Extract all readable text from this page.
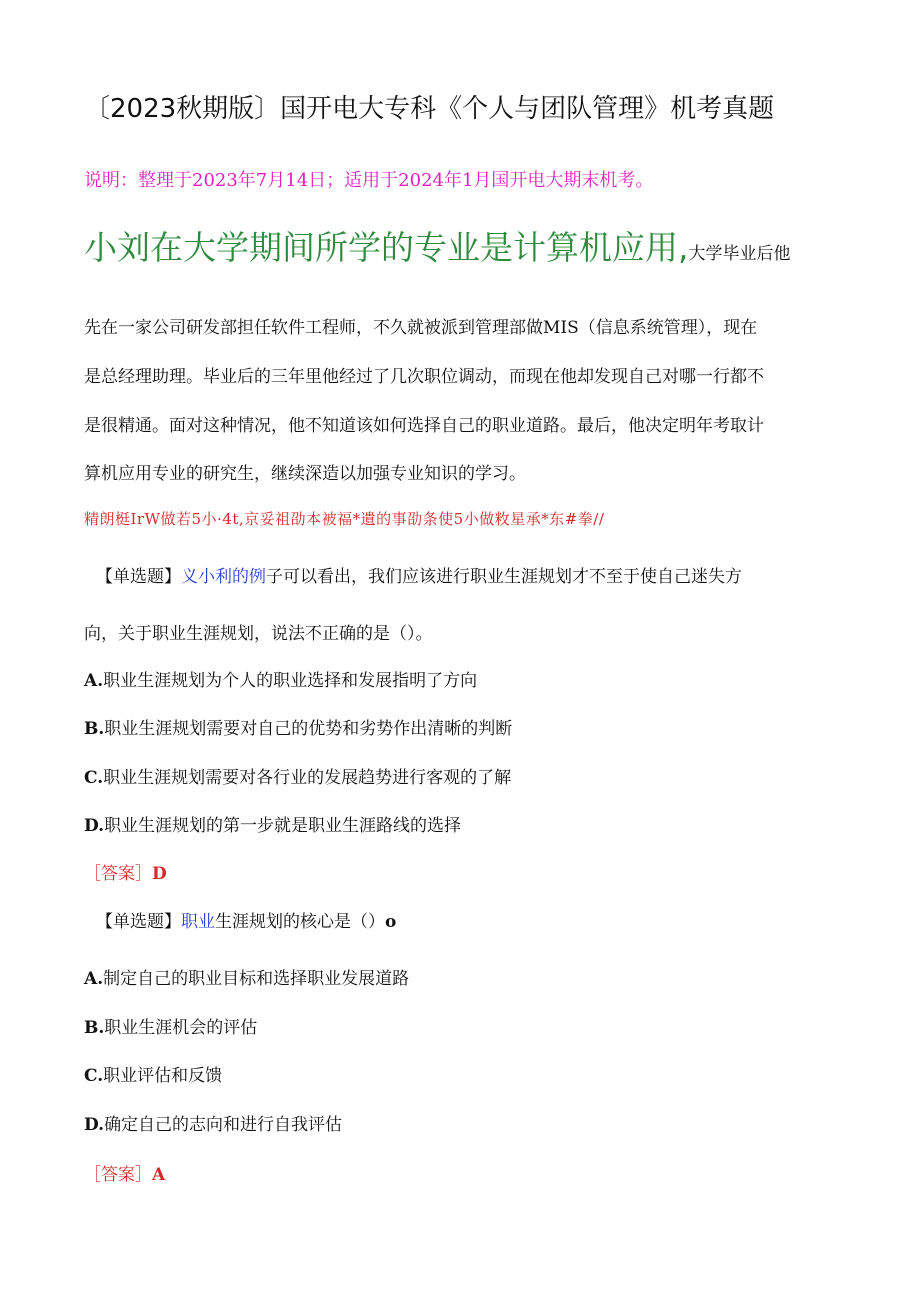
〔2023秋期版〕国开电大专科《个人与团队管理》机考真题
说明：整理于2023年7月14日；适用于2024年1月国开电大期末机考。
小刘在大学期间所学的专业是计算机应用,大学毕业后他
先在一家公司研发部担任软件工程师，不久就被派到管理部做MIS（信息系统管理），现在
是总经理助理。毕业后的三年里他经过了几次职位调动，而现在他却发现自己对哪一行都不
是很精通。面对这种情况，他不知道该如何选择自己的职业道路。最后，他决定明年考取计
算机应用专业的研究生，继续深造以加强专业知识的学习。
精朗梃IrW做若5小·4t,京妥祖劭本被福*遺的事劭条使5小做敉星承*东#拳//
【单选题】义小利的例子可以看出，我们应该进行职业生涯规划才不至于使自己迷失方
向，关于职业生涯规划，说法不正确的是（）。
A.职业生涯规划为个人的职业选择和发展指明了方向
B.职业生涯规划需要对自己的优势和劣势作出清晰的判断
C.职业生涯规划需要对各行业的发展趋势进行客观的了解
D.职业生涯规划的第一步就是职业生涯路线的选择
［答案］D
【单选题】职业生涯规划的核心是（）o
A.制定自己的职业目标和选择职业发展道路
B.职业生涯机会的评估
C.职业评估和反馈
D.确定自己的志向和进行自我评估
［答案］A
